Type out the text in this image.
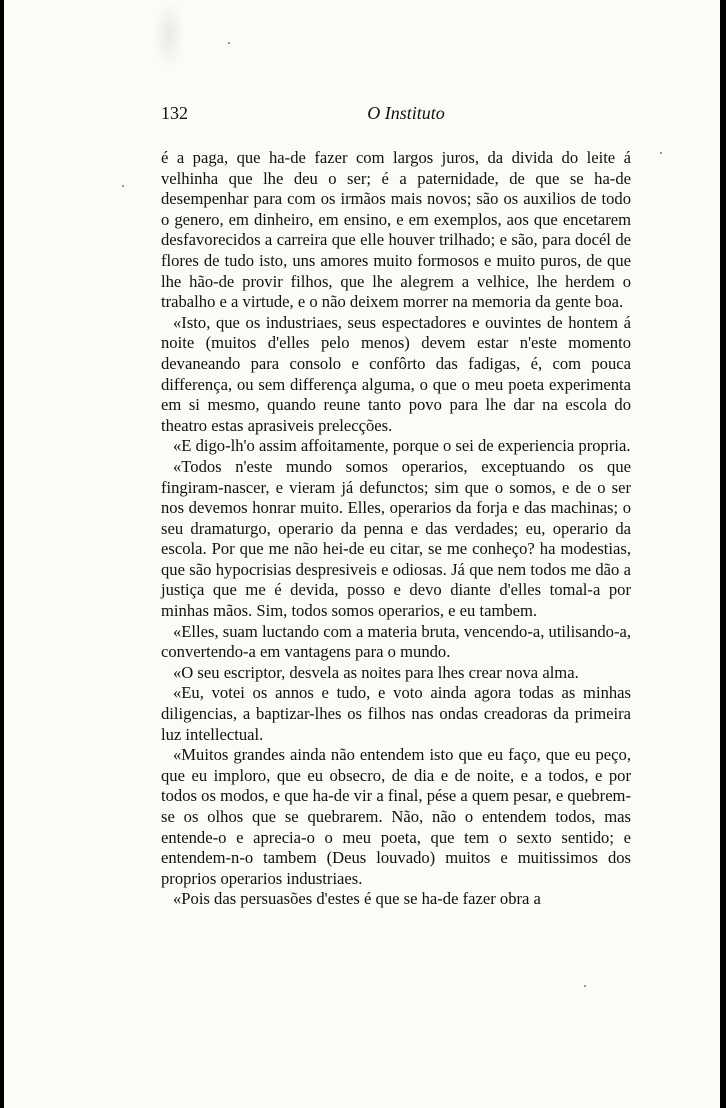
132	O Instituto

é a paga, que ha-de fazer com largos juros, da divida do leite á velhinha que lhe deu o ser; é a paternidade, de que se ha-de desempenhar para com os irmãos mais novos; são os auxilios de todo o genero, em dinheiro, em ensino, e em exemplos, aos que encetarem desfavorecidos a carreira que elle houver trilhado; e são, para docél de flores de tudo isto, uns amores muito formosos e muito puros, de que lhe hão-de provir filhos, que lhe alegrem a velhice, lhe herdem o trabalho e a virtude, e o não deixem morrer na memoria da gente boa.

«Isto, que os industriaes, seus espectadores e ouvintes de hontem á noite (muitos d'elles pelo menos) devem estar n'este momento devaneando para consolo e confôrto das fadigas, é, com pouca differença, ou sem differença alguma, o que o meu poeta experimenta em si mesmo, quando reune tanto povo para lhe dar na escola do theatro estas aprasiveis prelecções.

«E digo-lh'o assim affoitamente, porque o sei de experiencia propria.

«Todos n'este mundo somos operarios, exceptuando os que fingiram-nascer, e vieram já defunctos; sim que o somos, e de o ser nos devemos honrar muito. Elles, operarios da forja e das machinas; o seu dramaturgo, operario da penna e das verdades; eu, operario da escola. Por que me não hei-de eu citar, se me conheço? ha modestias, que são hypocrisias despresiveis e odiosas. Já que nem todos me dão a justiça que me é devida, posso e devo diante d'elles tomal-a por minhas mãos. Sim, todos somos operarios, e eu tambem.

«Elles, suam luctando com a materia bruta, vencendo-a, utilisando-a, convertendo-a em vantagens para o mundo.

«O seu escriptor, desvela as noites para lhes crear nova alma.

«Eu, votei os annos e tudo, e voto ainda agora todas as minhas diligencias, a baptizar-lhes os filhos nas ondas creadoras da primeira luz intellectual.

«Muitos grandes ainda não entendem isto que eu faço, que eu peço, que eu imploro, que eu obsecro, de dia e de noite, e a todos, e por todos os modos, e que ha-de vir a final, pése a quem pesar, e quebrem-se os olhos que se quebrarem. Não, não o entendem todos, mas entende-o e aprecia-o o meu poeta, que tem o sexto sentido; e entendem-n-o tambem (Deus louvado) muitos e muitissimos dos proprios operarios industriaes.

«Pois das persuasões d'estes é que se ha-de fazer obra a
